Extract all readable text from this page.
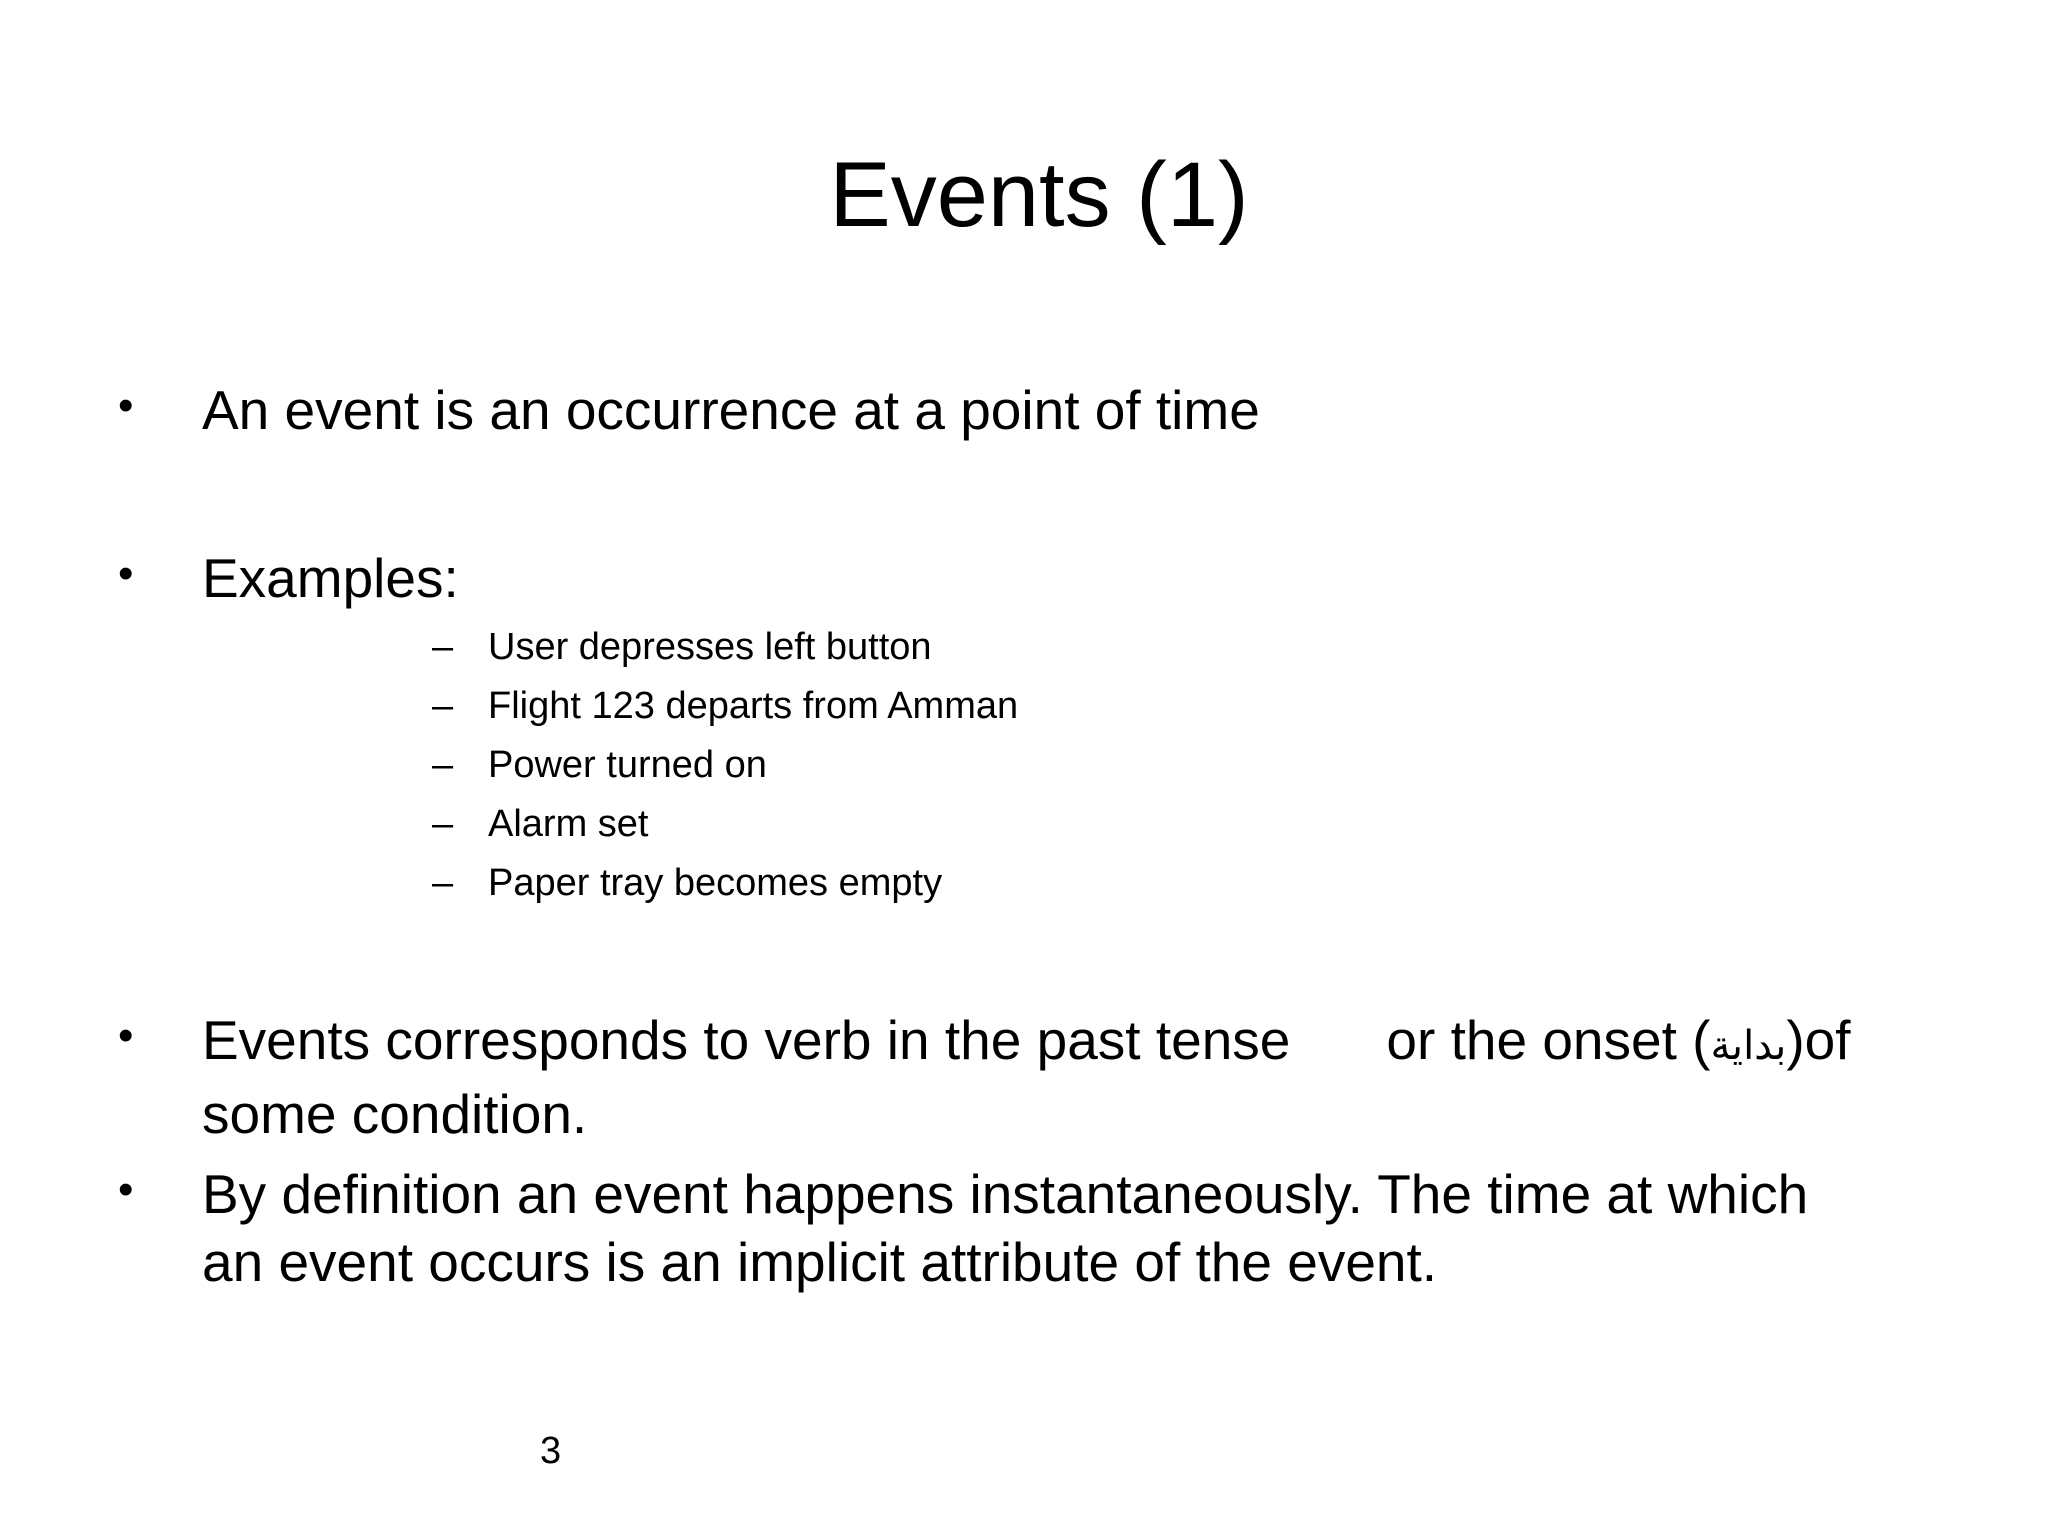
Events (1)
• An event is an occurrence at a point of time
• Examples:
– User depresses left button
– Flight 123 departs from Amman
– Power turned on
– Alarm set
– Paper tray becomes empty
• Events corresponds to verb in the past tense or the onset (بداية)of
some condition.
• By definition an event happens instantaneously. The time at which
an event occurs is an implicit attribute of the event.
3
